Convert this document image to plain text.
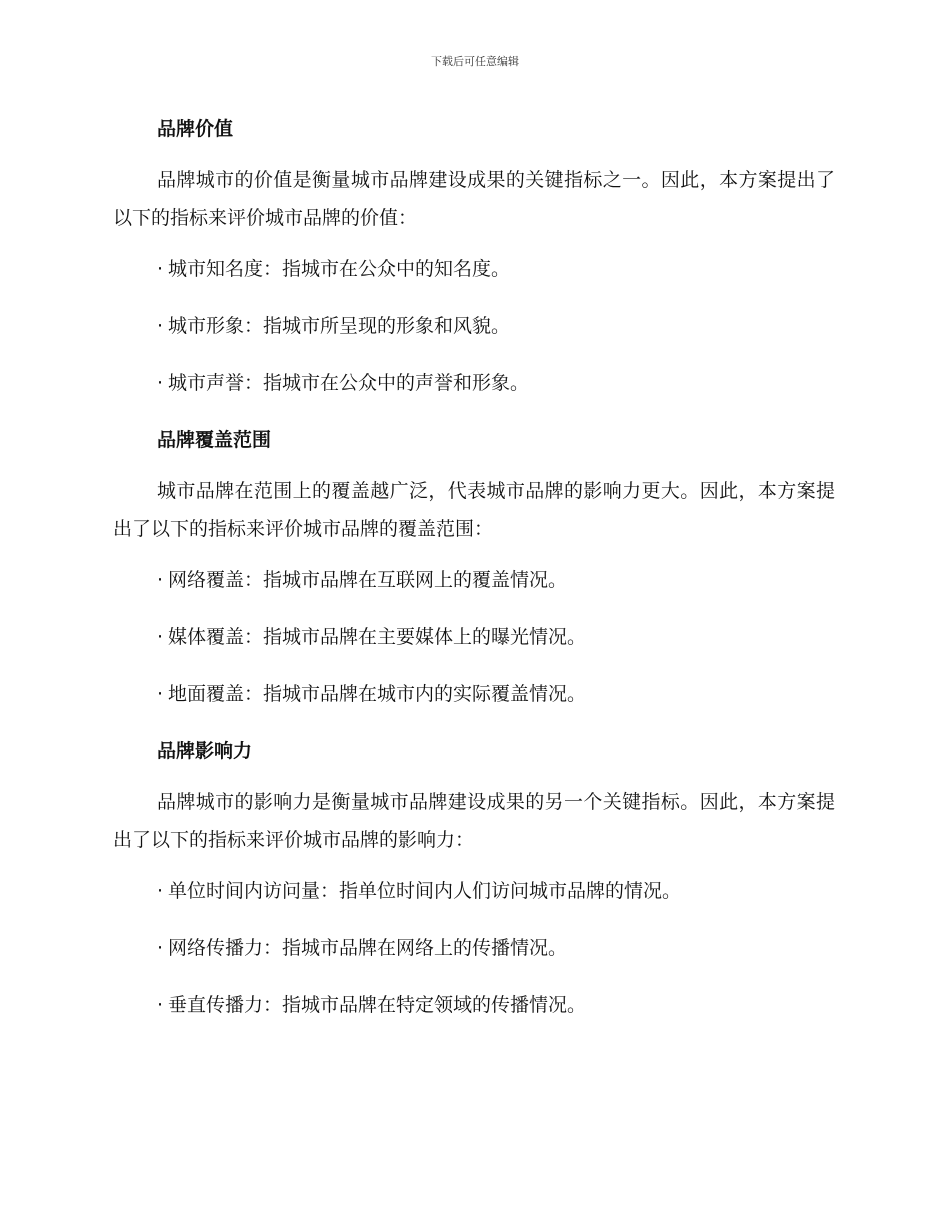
下载后可任意编辑
品牌价值
品牌城市的价值是衡量城市品牌建设成果的关键指标之一。因此，本方案提出了以下的指标来评价城市品牌的价值：
· 城市知名度：指城市在公众中的知名度。
· 城市形象：指城市所呈现的形象和风貌。
· 城市声誉：指城市在公众中的声誉和形象。
品牌覆盖范围
城市品牌在范围上的覆盖越广泛，代表城市品牌的影响力更大。因此，本方案提出了以下的指标来评价城市品牌的覆盖范围：
· 网络覆盖：指城市品牌在互联网上的覆盖情况。
· 媒体覆盖：指城市品牌在主要媒体上的曝光情况。
· 地面覆盖：指城市品牌在城市内的实际覆盖情况。
品牌影响力
品牌城市的影响力是衡量城市品牌建设成果的另一个关键指标。因此，本方案提出了以下的指标来评价城市品牌的影响力：
· 单位时间内访问量：指单位时间内人们访问城市品牌的情况。
· 网络传播力：指城市品牌在网络上的传播情况。
· 垂直传播力：指城市品牌在特定领域的传播情况。
